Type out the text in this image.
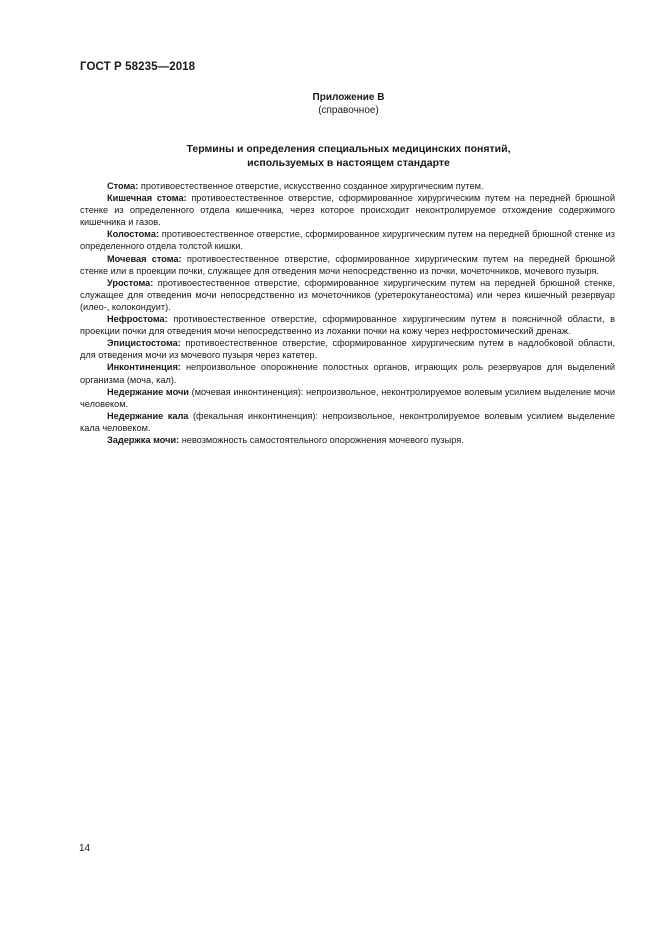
ГОСТ Р 58235—2018
Приложение В
(справочное)
Термины и определения специальных медицинских понятий,
используемых в настоящем стандарте

Стома: противоестественное отверстие, искусственно созданное хирургическим путем.

Кишечная стома: противоестественное отверстие, сформированное хирургическим путем на передней брюшной стенке из определенного отдела кишечника, через которое происходит неконтролируемое отхождение содержимого кишечника и газов.

Колостома: противоестественное отверстие, сформированное хирургическим путем на передней брюшной стенке из определенного отдела толстой кишки.

Мочевая стома: противоестественное отверстие, сформированное хирургическим путем на передней брюшной стенке или в проекции почки, служащее для отведения мочи непосредственно из почки, мочеточников, мочевого пузыря.

Уростома: противоестественное отверстие, сформированное хирургическим путем на передней брюшной стенке, служащее для отведения мочи непосредственно из мочеточников (уретерокутанеостома) или через кишечный резервуар (илео-, колокондуит).

Нефростома: противоестественное отверстие, сформированное хирургическим путем в поясничной области, в проекции почки для отведения мочи непосредственно из лоханки почки на кожу через нефростомический дренаж.

Эпицистостома: противоестественное отверстие, сформированное хирургическим путем в надлобковой области, для отведения мочи из мочевого пузыря через катетер.

Инконтиненция: непроизвольное опорожнение полостных органов, играющих роль резервуаров для выделений организма (моча, кал).

Недержание мочи (мочевая инконтиненция): непроизвольное, неконтролируемое волевым усилием выделение мочи человеком.

Недержание кала (фекальная инконтиненция): непроизвольное, неконтролируемое волевым усилием выделение кала человеком.

Задержка мочи: невозможность самостоятельного опорожнения мочевого пузыря.

14
